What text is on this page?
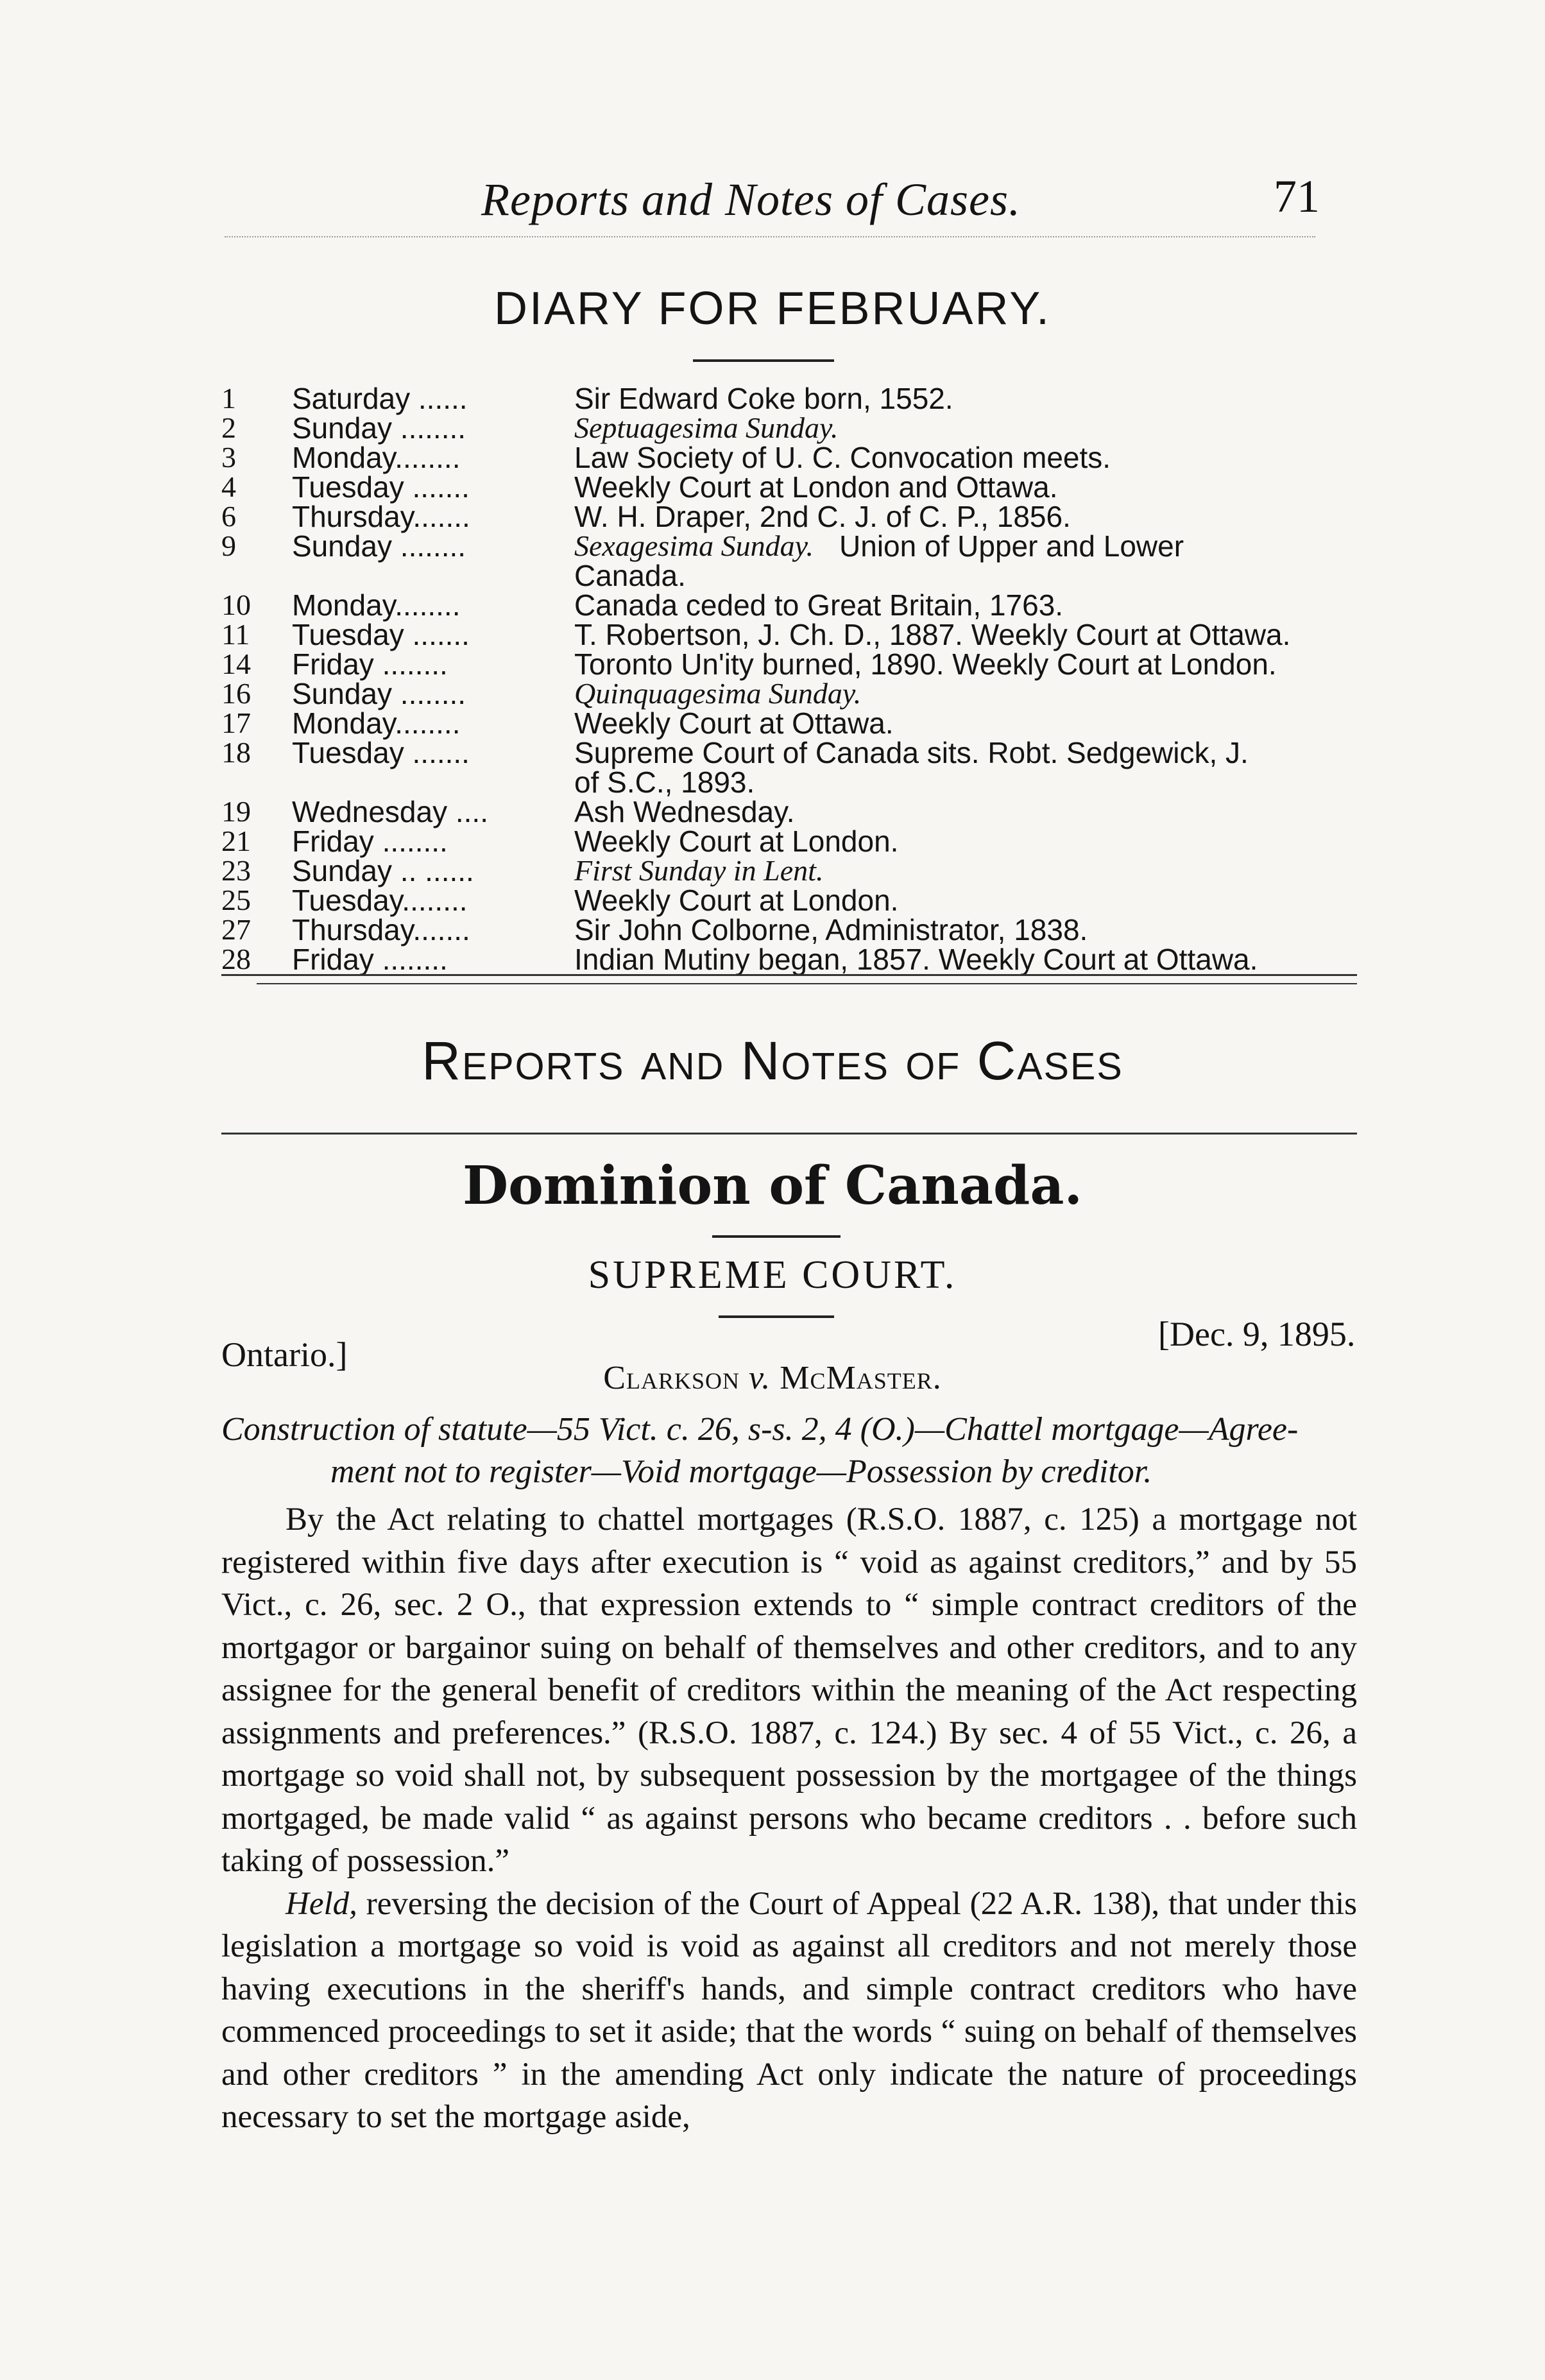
Reports and Notes of Cases.	71
DIARY FOR FEBRUARY.
1	Saturday ......	Sir Edward Coke born, 1552.
2	Sunday ........	Septuagesima Sunday.
3	Monday........	Law Society of U. C. Convocation meets.
4	Tuesday .......	Weekly Court at London and Ottawa.
6	Thursday.......	W. H. Draper, 2nd C. J. of C. P., 1856.
9	Sunday ........	Sexagesima Sunday. Union of Upper and Lower
Canada.
10	Monday........	Canada ceded to Great Britain, 1763.
11	Tuesday .......	T. Robertson, J. Ch. D., 1887. Weekly Court at Ottawa.
14	Friday ........	Toronto Un'ity burned, 1890. Weekly Court at London.
16	Sunday ........	Quinquagesima Sunday.
17	Monday........	Weekly Court at Ottawa.
18	Tuesday .......	Supreme Court of Canada sits. Robt. Sedgewick, J.
of S.C., 1893.
19	Wednesday ....	Ash Wednesday.
21	Friday ........	Weekly Court at London.
23	Sunday .. ......	First Sunday in Lent.
25	Tuesday........	Weekly Court at London.
27	Thursday.......	Sir John Colborne, Administrator, 1838.
28	Friday ........	Indian Mutiny began, 1857. Weekly Court at Ottawa.
Reports and Notes of Cases
Dominion of Canada.
SUPREME COURT.
Ontario.]
[Dec. 9, 1895.
Clarkson v. McMaster.
Construction of statute—55 Vict. c. 26, s-s. 2, 4 (O.)—Chattel mortgage—Agree-
ment not to register—Void mortgage—Possession by creditor.

By the Act relating to chattel mortgages (R.S.O. 1887, c. 125) a mortgage not registered within five days after execution is “ void as against creditors,” and by 55 Vict., c. 26, sec. 2 O., that expression extends to “ simple contract creditors of the mortgagor or bargainor suing on behalf of themselves and other creditors, and to any assignee for the general benefit of creditors within the meaning of the Act respecting assignments and preferences.” (R.S.O. 1887, c. 124.) By sec. 4 of 55 Vict., c. 26, a mortgage so void shall not, by subsequent possession by the mortgagee of the things mortgaged, be made valid “ as against persons who became creditors . . before such taking of possession.”

Held, reversing the decision of the Court of Appeal (22 A.R. 138), that under this legislation a mortgage so void is void as against all creditors and not merely those having executions in the sheriff's hands, and simple contract creditors who have commenced proceedings to set it aside; that the words “ suing on behalf of themselves and other creditors ” in the amending Act only indicate the nature of proceedings necessary to set the mortgage aside,
